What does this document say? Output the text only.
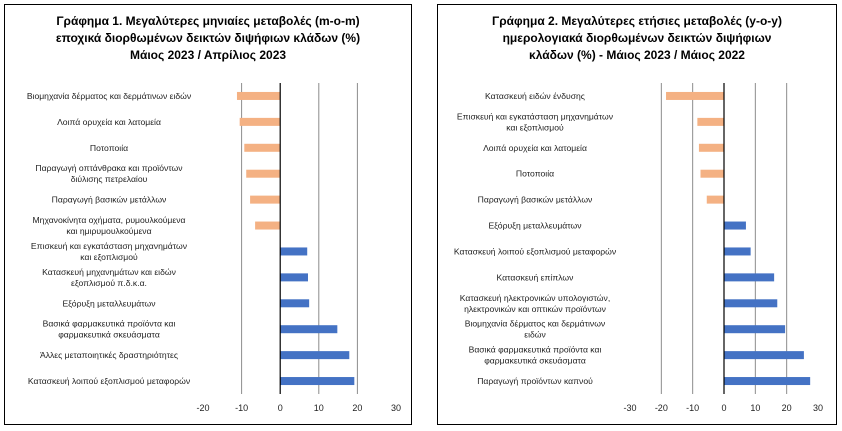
Γράφημα 1. Μεγαλύτερες μηνιαίες μεταβολές (m-o-m)
εποχικά διορθωμένων δεικτών διψήφιων κλάδων (%)
Μάιος 2023 / Απρίλιος 2023
Βιομηχανία δέρματος και δερμάτινων ειδών
Λοιπά ορυχεία και λατομεία
Ποτοποιία
Παραγωγή οπτάνθρακα και προϊόντων διύλισης πετρελαίου
Παραγωγή βασικών μετάλλων
Μηχανοκίνητα οχήματα, ρυμουλκούμενα και ημιρυμουλκούμενα
Επισκευή και εγκατάσταση μηχανημάτων και εξοπλισμού
Κατασκευή μηχανημάτων και ειδών εξοπλισμού π.δ.κ.α.
Εξόρυξη μεταλλευμάτων
Βασικά φαρμακευτικά προϊόντα και φαρμακευτικά σκευάσματα
Άλλες μεταποιητικές δραστηριότητες
Κατασκευή λοιπού εξοπλισμού μεταφορών
-20	-10	0	10	20	30
Γράφημα 2. Μεγαλύτερες ετήσιες μεταβολές (y-o-y)
ημερολογιακά διορθωμένων δεικτών διψήφιων
κλάδων (%) - Μάιος 2023 / Μάιος 2022
Κατασκευή ειδών ένδυσης
Επισκευή και εγκατάσταση μηχανημάτων και εξοπλισμού
Λοιπά ορυχεία και λατομεία
Ποτοποιία
Παραγωγή βασικών μετάλλων
Εξόρυξη μεταλλευμάτων
Κατασκευή λοιπού εξοπλισμού μεταφορών
Κατασκευή επίπλων
Κατασκευή ηλεκτρονικών υπολογιστών, ηλεκτρονικών και οπτικών προϊόντων
Βιομηχανία δέρματος και δερμάτινων ειδών
Βασικά φαρμακευτικά προϊόντα και φαρμακευτικά σκευάσματα
Παραγωγή προϊόντων καπνού
-30 -20 -10 0	10 20 30
